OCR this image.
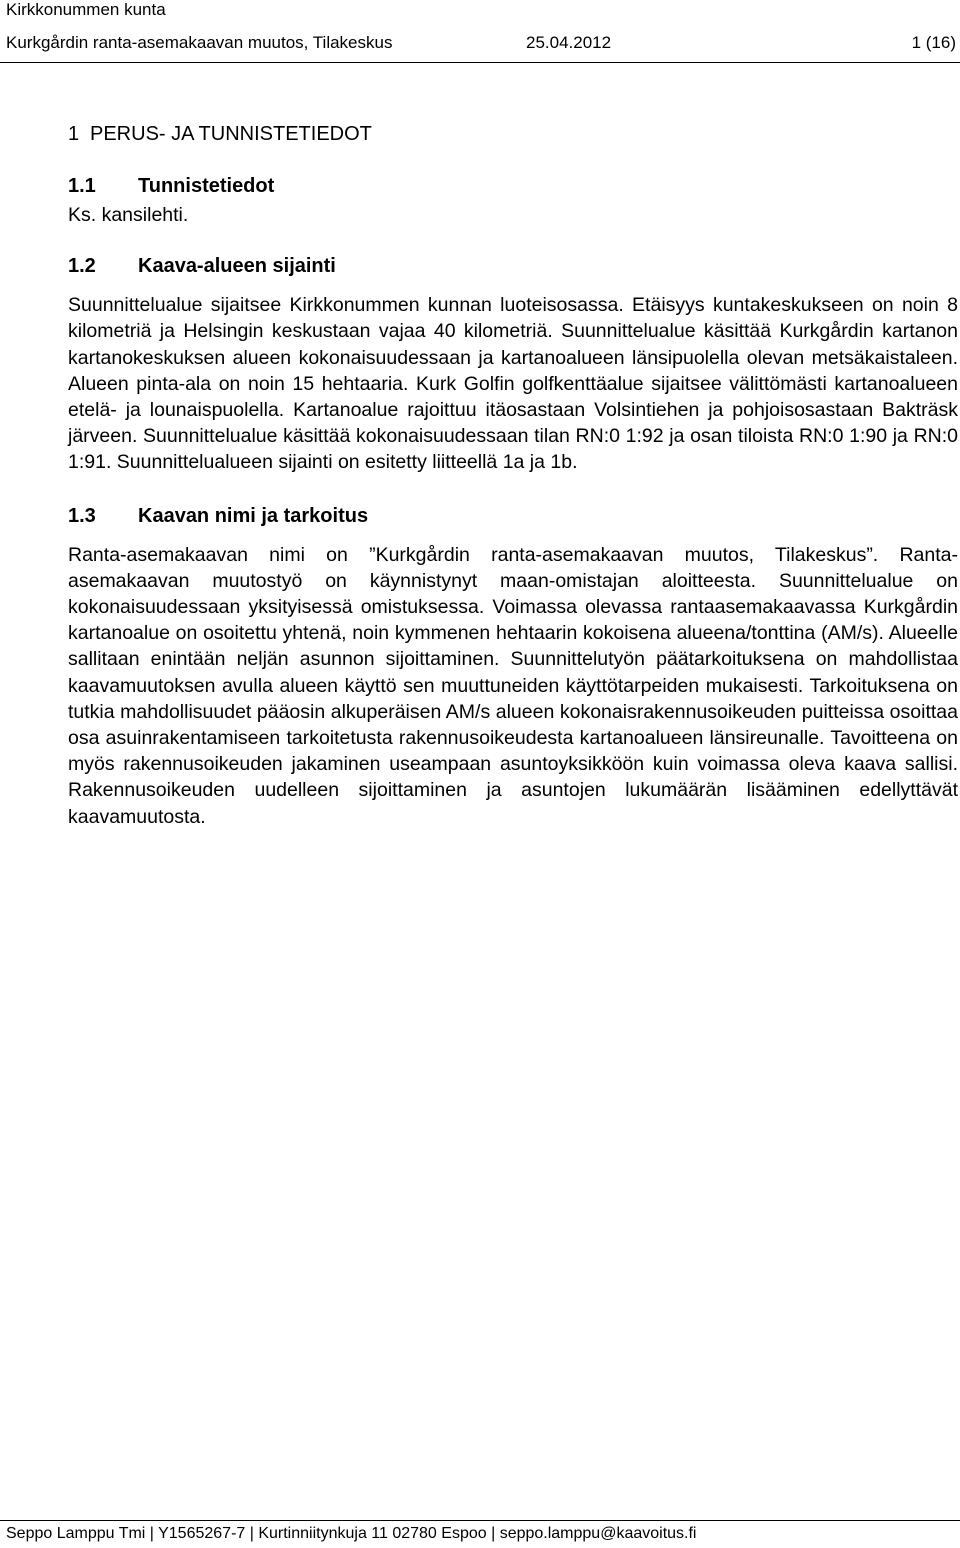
Kirkkonummen kunta
Kurkgårdin ranta-asemakaavan muutos, Tilakeskus	25.04.2012	1 (16)
1 PERUS- JA TUNNISTETIEDOT
1.1 Tunnistetiedot

Ks. kansilehti.

1.2 Kaava-alueen sijainti

Suunnittelualue sijaitsee Kirkkonummen kunnan luoteisosassa. Etäisyys kuntakeskukseen on noin 8 kilometriä ja Helsingin keskustaan vajaa 40 kilometriä. Suunnittelualue käsittää Kurkgårdin kartanon kartanokeskuksen alueen kokonaisuudessaan ja kartanoalueen länsipuolella olevan metsäkaistaleen. Alueen pinta-ala on noin 15 hehtaaria. Kurk Golfin golfkenttäalue sijaitsee välittömästi kartanoalueen etelä- ja lounaispuolella. Kartanoalue rajoittuu itäosastaan Volsintiehen ja pohjoisosastaan Bakträsk järveen. Suunnittelualue käsittää kokonaisuudessaan tilan RN:0 1:92 ja osan tiloista RN:0 1:90 ja RN:0 1:91. Suunnittelualueen sijainti on esitetty liitteellä 1a ja 1b.

1.3 Kaavan nimi ja tarkoitus

Ranta-asemakaavan nimi on ”Kurkgårdin ranta-asemakaavan muutos, Tilakeskus”. Ranta-asemakaavan muutostyö on käynnistynyt maan-omistajan aloitteesta. Suunnittelualue on kokonaisuudessaan yksityisessä omistuksessa. Voimassa olevassa rantaasemakaavassa Kurkgårdin kartanoalue on osoitettu yhtenä, noin kymmenen hehtaarin kokoisena alueena/tonttina (AM/s). Alueelle sallitaan enintään neljän asunnon sijoittaminen. Suunnittelutyön päätarkoituksena on mahdollistaa kaavamuutoksen avulla alueen käyttö sen muuttuneiden käyttötarpeiden mukaisesti. Tarkoituksena on tutkia mahdollisuudet pääosin alkuperäisen AM/s alueen kokonaisrakennusoikeuden puitteissa osoittaa osa asuinrakentamiseen tarkoitetusta rakennusoikeudesta kartanoalueen länsireunalle. Tavoitteena on myös rakennusoikeuden jakaminen useampaan asuntoyksikköön kuin voimassa oleva kaava sallisi. Rakennusoikeuden uudelleen sijoittaminen ja asuntojen lukumäärän lisääminen edellyttävät kaavamuutosta.

Seppo Lamppu Tmi | Y1565267-7 | Kurtinniitynkuja 11 02780 Espoo | seppo.lamppu@kaavoitus.fi
